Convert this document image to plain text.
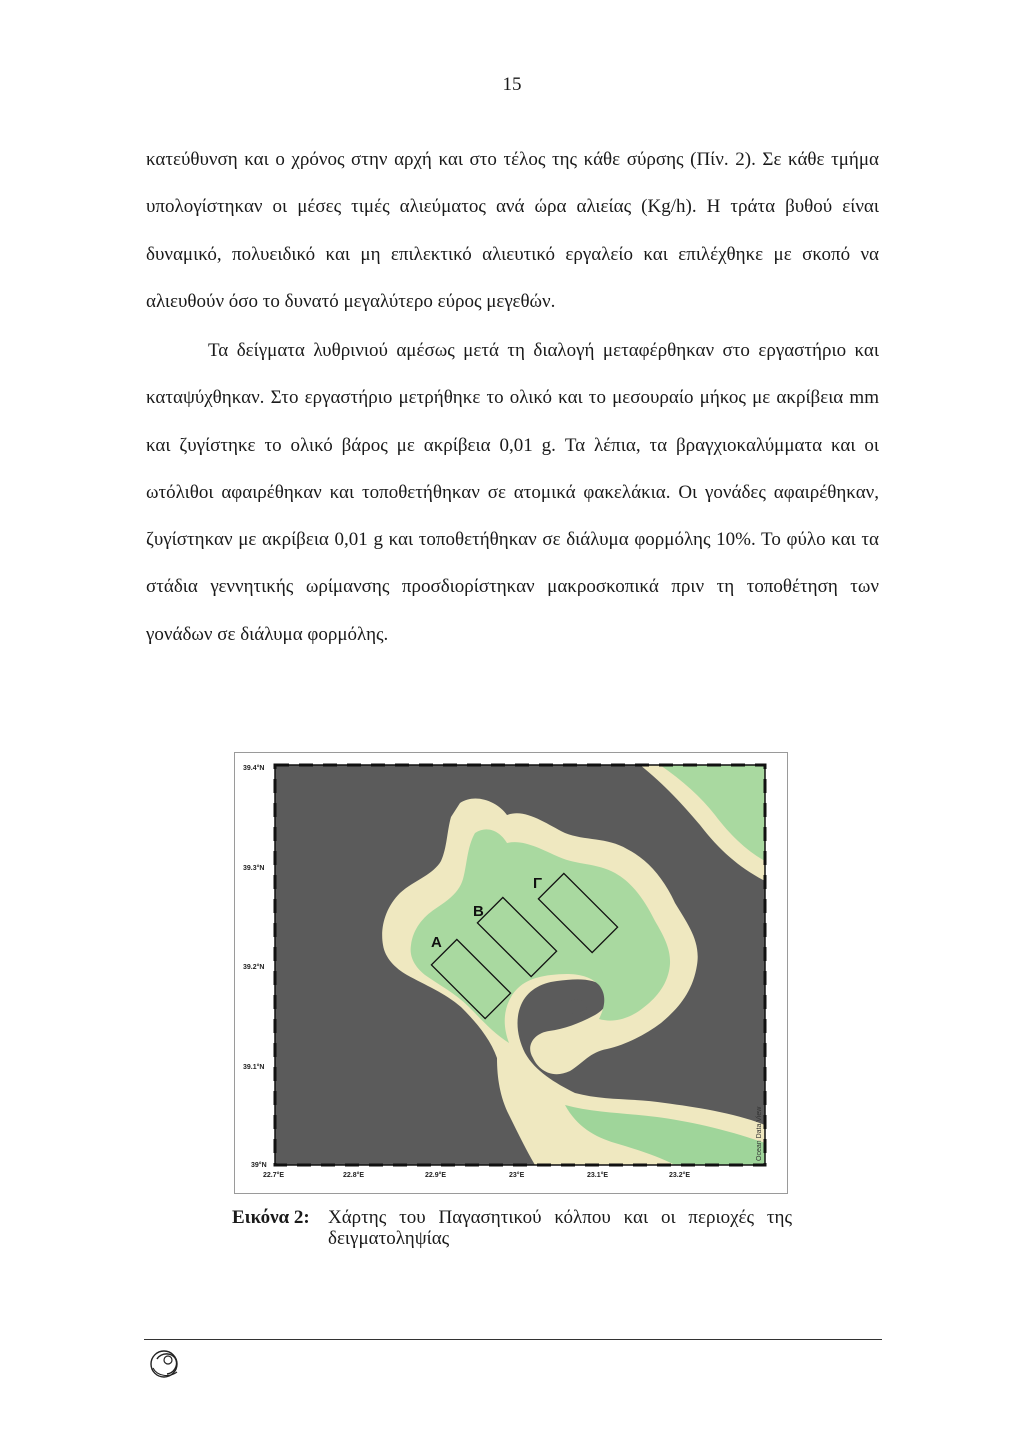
15

κατεύθυνση και ο χρόνος στην αρχή και στο τέλος της κάθε σύρσης (Πίν. 2). Σε κάθε τμήμα υπολογίστηκαν οι μέσες τιμές αλιεύματος ανά ώρα αλιείας (Kg/h). Η τράτα βυθού είναι δυναμικό, πολυειδικό και μη επιλεκτικό αλιευτικό εργαλείο και επιλέχθηκε με σκοπό να αλιευθούν όσο το δυνατό μεγαλύτερο εύρος μεγεθών.

Τα δείγματα λυθρινιού αμέσως μετά τη διαλογή μεταφέρθηκαν στο εργαστήριο και καταψύχθηκαν. Στο εργαστήριο μετρήθηκε το ολικό και το μεσουραίο μήκος με ακρίβεια mm και ζυγίστηκε το ολικό βάρος με ακρίβεια 0,01 g. Τα λέπια, τα βραγχιοκαλύμματα και οι ωτόλιθοι αφαιρέθηκαν και τοποθετήθηκαν σε ατομικά φακελάκια. Οι γονάδες αφαιρέθηκαν, ζυγίστηκαν με ακρίβεια 0,01 g και τοποθετήθηκαν σε διάλυμα φορμόλης 10%. Το φύλο και τα στάδια γεννητικής ωρίμανσης προσδιορίστηκαν μακροσκοπικά πριν τη τοποθέτηση των γονάδων σε διάλυμα φορμόλης.

Α
Β
Γ
39.4°N
39.3°N
39.2°N
39.1°N
39°N
22.7°E	22.8°E	22.9°E	23°E	23.1°E	23.2°E
Ocean Data View
Εικόνα 2: Χάρτης του Παγασητικού κόλπου και οι περιοχές της
δειγματοληψίας
